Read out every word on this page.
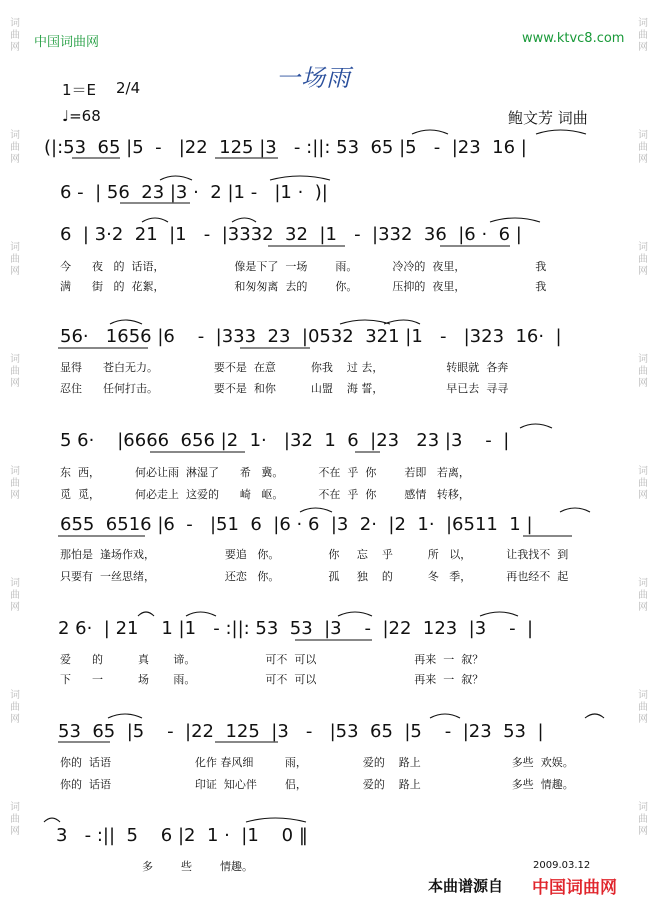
词
曲
网
词
曲
网
词
曲
网
词
曲
网
词
曲
网
词
曲
网
词
曲
网
词
曲
网
词
曲
网
词
曲
网
词
曲
网
词
曲
网
词
曲
网
词
曲
网
词
曲
网
词
曲
网
中国词曲网	www.ktvc8.com
一场雨
1＝E 2/4
♩=68	鲍文芳 词曲
(|:53  65 |5  -   |22  125 |3   - :||: 53  65 |5   -  |23  16 |
6 -  | 56  23 |3 ·  2 |1 -   |1 ·  )|
6  | 3·2  21  |1   -  |3332  32  |1   -  |332  36  |6 ·  6 |
今      夜   的  话语，                    像是下了  一场        雨。          冷冷的  夜里，                    我
满      街   的  花絮，                    和匆匆离  去的        你。          压抑的  夜里，                    我
56·   1656 |6    -  |333  23  |0532  321 |1   -   |323  16·  |
显得      苍白无力。                要不是  在意          你我    过 去，                  转眼就  各奔
忍住      任何打击。                要不是  和你          山盟    海 誓，                  早已去  寻寻
5 6·    |6666  656 |2  1·   |32  1  6  |23   23 |3    -  |
东  西，          何必让雨  淋湿了      希   冀。          不在  乎  你        若即   若离，
觅  觅，          何必走上  这爱的      崎   岖。          不在  乎  你        感情   转移，
655  6516 |6  -   |51  6  |6 · 6  |3  2·  |2  1·  |6511  1 |
那怕是  逢场作戏，                    要追   你。              你     忘    乎          所   以，          让我找不  到
只要有  一丝思绪，                    还恋   你。              孤     独    的          冬   季，          再也经不  起
2 6·  | 21    1 |1   - :||: 53  53  |3    -  |22  123  |3    -  |
爱      的          真       谛。                    可不  可以                            再来  一  叙？
下      一          场       雨。                    可不  可以                            再来  一  叙？
53  65  |5    -  |22  125  |3   -   |53  65  |5    -  |23  53  |
你的  话语                        化作 春风细         雨，                爱的    路上                          多些  欢娱。
你的  话语                        印证  知心伴        侣，                爱的    路上                          多些  情趣。
3   - :||  5    6 |2  1 ·  |1    0 ‖
多        些        情趣。	2009.03.12
本曲谱源自 中国词曲网
